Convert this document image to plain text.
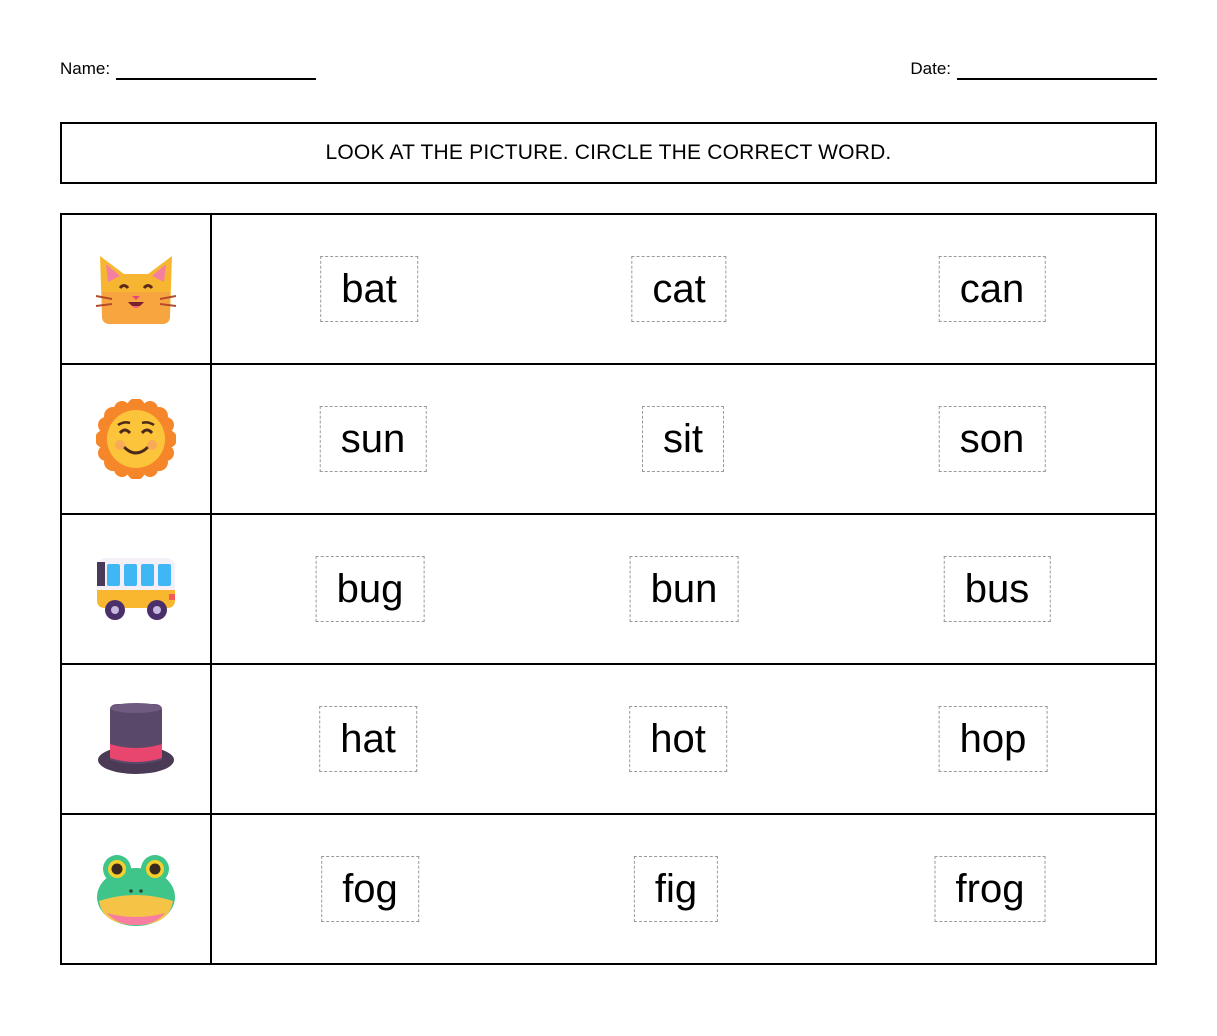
Name:	Date:
LOOK AT THE PICTURE. CIRCLE THE CORRECT WORD.

bat cat can

sun sit son

bug bun bus

hat hot hop

fog fig frog
